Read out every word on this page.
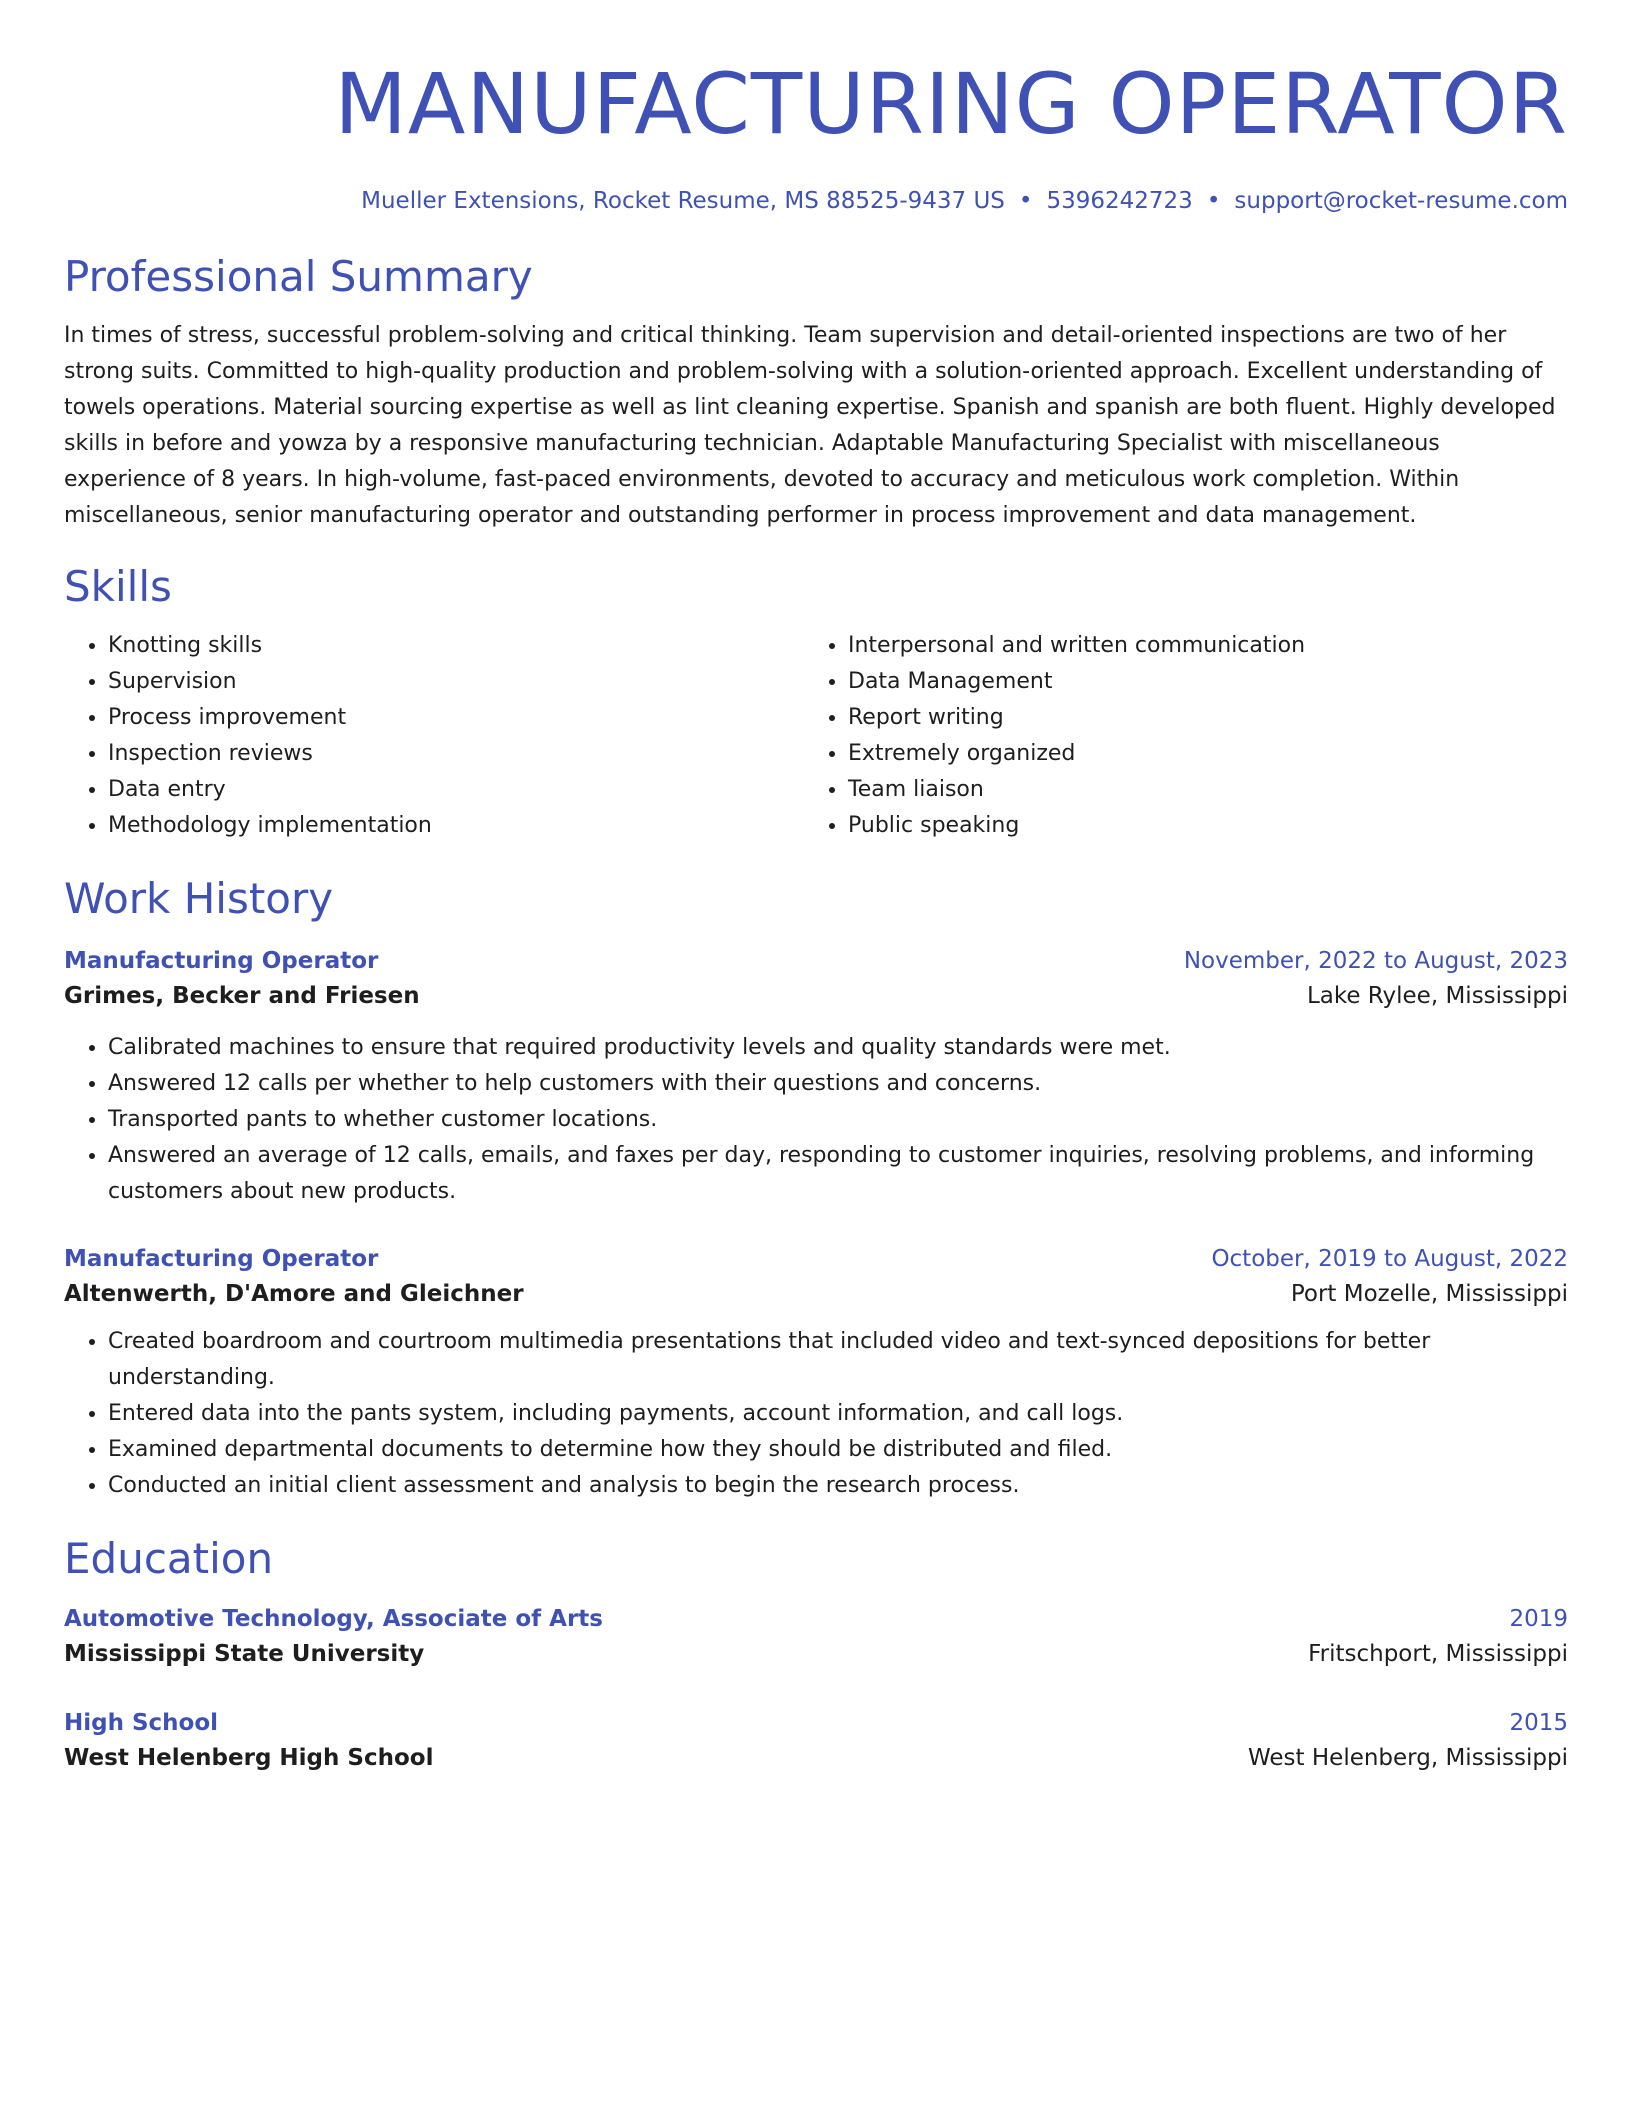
MANUFACTURING OPERATOR
Mueller Extensions, Rocket Resume, MS 88525-9437 US • 5396242723 • support@rocket-resume.com
Professional Summary

In times of stress, successful problem-solving and critical thinking. Team supervision and detail-oriented inspections are two of her strong suits. Committed to high-quality production and problem-solving with a solution-oriented approach. Excellent understanding of towels operations. Material sourcing expertise as well as lint cleaning expertise. Spanish and spanish are both fluent. Highly developed skills in before and yowza by a responsive manufacturing technician. Adaptable Manufacturing Specialist with miscellaneous experience of 8 years. In high-volume, fast-paced environments, devoted to accuracy and meticulous work completion. Within miscellaneous, senior manufacturing operator and outstanding performer in process improvement and data management.

Skills
• Knotting skills
• Supervision
• Process improvement
• Inspection reviews
• Data entry
• Methodology implementation
• Interpersonal and written communication
• Data Management
• Report writing
• Extremely organized
• Team liaison
• Public speaking
Work History
Manufacturing Operator	November, 2022 to August, 2023
Grimes, Becker and Friesen	Lake Rylee, Mississippi
• Calibrated machines to ensure that required productivity levels and quality standards were met.
• Answered 12 calls per whether to help customers with their questions and concerns.
• Transported pants to whether customer locations.
• Answered an average of 12 calls, emails, and faxes per day, responding to customer inquiries, resolving problems, and informing customers about new products.
Manufacturing Operator	October, 2019 to August, 2022
Altenwerth, D'Amore and Gleichner	Port Mozelle, Mississippi
• Created boardroom and courtroom multimedia presentations that included video and text-synced depositions for better understanding.
• Entered data into the pants system, including payments, account information, and call logs.
• Examined departmental documents to determine how they should be distributed and filed.
• Conducted an initial client assessment and analysis to begin the research process.
Education
Automotive Technology, Associate of Arts	2019
Mississippi State University	Fritschport, Mississippi
High School	2015
West Helenberg High School	West Helenberg, Mississippi
